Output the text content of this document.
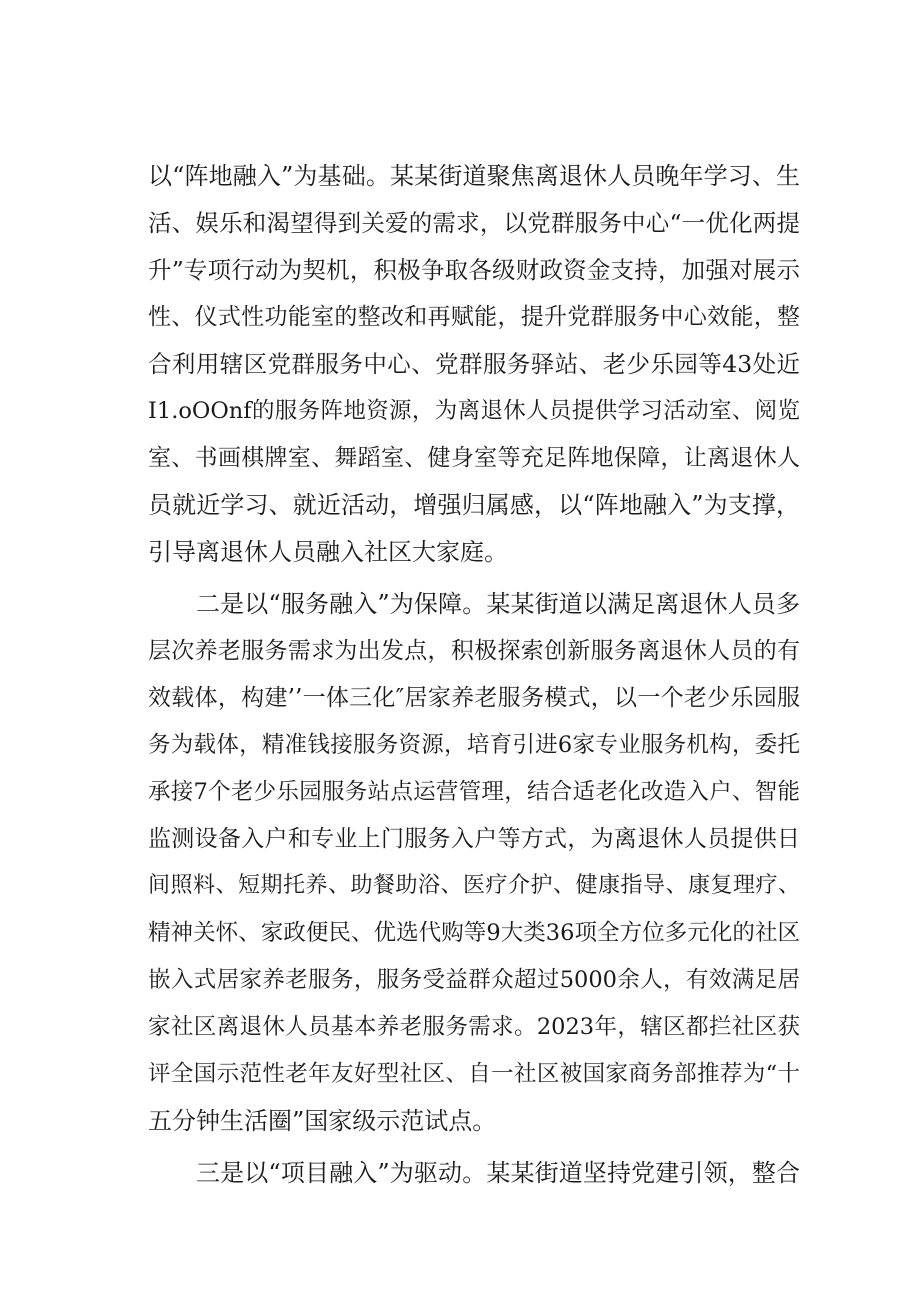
以“阵地融入”为基础。某某街道聚焦离退休人员晚年学习、生
活、娱乐和渴望得到关爱的需求，以党群服务中心“一优化两提
升”专项行动为契机，积极争取各级财政资金支持，加强对展示
性、仪式性功能室的整改和再赋能，提升党群服务中心效能，整
合利用辖区党群服务中心、党群服务驿站、老少乐园等43处近
I1.oOOnf的服务阵地资源，为离退休人员提供学习活动室、阅览
室、书画棋牌室、舞蹈室、健身室等充足阵地保障，让离退休人
员就近学习、就近活动，增强归属感，以“阵地融入”为支撑，
引导离退休人员融入社区大家庭。
二是以“服务融入”为保障。某某街道以满足离退休人员多
层次养老服务需求为出发点，积极探索创新服务离退休人员的有
效载体，构建’’一体三化″居家养老服务模式，以一个老少乐园服
务为载体，精准钱接服务资源，培育引进6家专业服务机构，委托
承接7个老少乐园服务站点运营管理，结合适老化改造入户、智能
监测设备入户和专业上门服务入户等方式，为离退休人员提供日
间照料、短期托养、助餐助浴、医疗介护、健康指导、康复理疗、
精神关怀、家政便民、优选代购等9大类36项全方位多元化的社区
嵌入式居家养老服务，服务受益群众超过5000余人，有效满足居
家社区离退休人员基本养老服务需求。2023年，辖区都拦社区获
评全国示范性老年友好型社区、自一社区被国家商务部推荐为“十
五分钟生活圈”国家级示范试点。
三是以“项目融入”为驱动。某某街道坚持党建引领，整合
